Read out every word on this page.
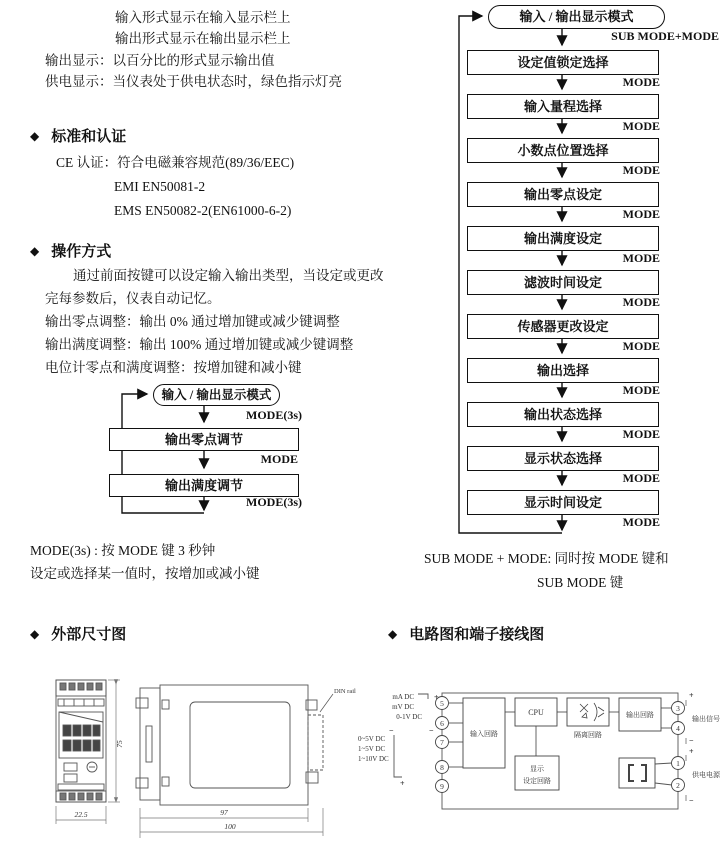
输入形式显示在输入显示栏上
输出形式显示在输出显示栏上
输出显示：以百分比的形式显示输出值
供电显示：当仪表处于供电状态时，绿色指示灯亮
◆ 标准和认证
CE 认证：符合电磁兼容规范(89/36/EEC)
EMI EN50081-2
EMS EN50082-2(EN61000-6-2)
◆ 操作方式
通过前面按键可以设定输入输出类型，当设定或更改
完每参数后，仪表自动记忆。
输出零点调整：输出 0% 通过增加键或减少键调整
输出满度调整：输出 100% 通过增加键或减少键调整
电位计零点和满度调整：按增加键和减小键
输入 / 输出显示模式
MODE(3s)
输出零点调节
MODE
输出满度调节
MODE(3s)
MODE(3s) : 按 MODE 键 3 秒钟
设定或选择某一值时，按增加或减小键
输入 / 输出显示模式
SUB MODE+MODE
设定值锁定选择
MODE
输入量程选择
MODE
小数点位置选择
MODE
输出零点设定
MODE
输出满度设定
MODE
滤波时间设定
MODE
传感器更改设定
MODE
输出选择
MODE
输出状态选择
MODE
显示状态选择
MODE
显示时间设定
MODE
SUB MODE + MODE: 同时按 MODE 键和
SUB MODE 键
◆ 外部尺寸图	◆ 电路图和端子接线图
75
22.5	97
100
DIN rail
5
6
7
8
9
3
4
1
2
输入回路
CPU
隔离回路
输出回路
显示
设定回路
mA DC
mV DC
0-1V DC
0~5V DC
1~5V DC
1~10V DC
+
−
−
+
输出信号
供电电源
+
−
+
−
